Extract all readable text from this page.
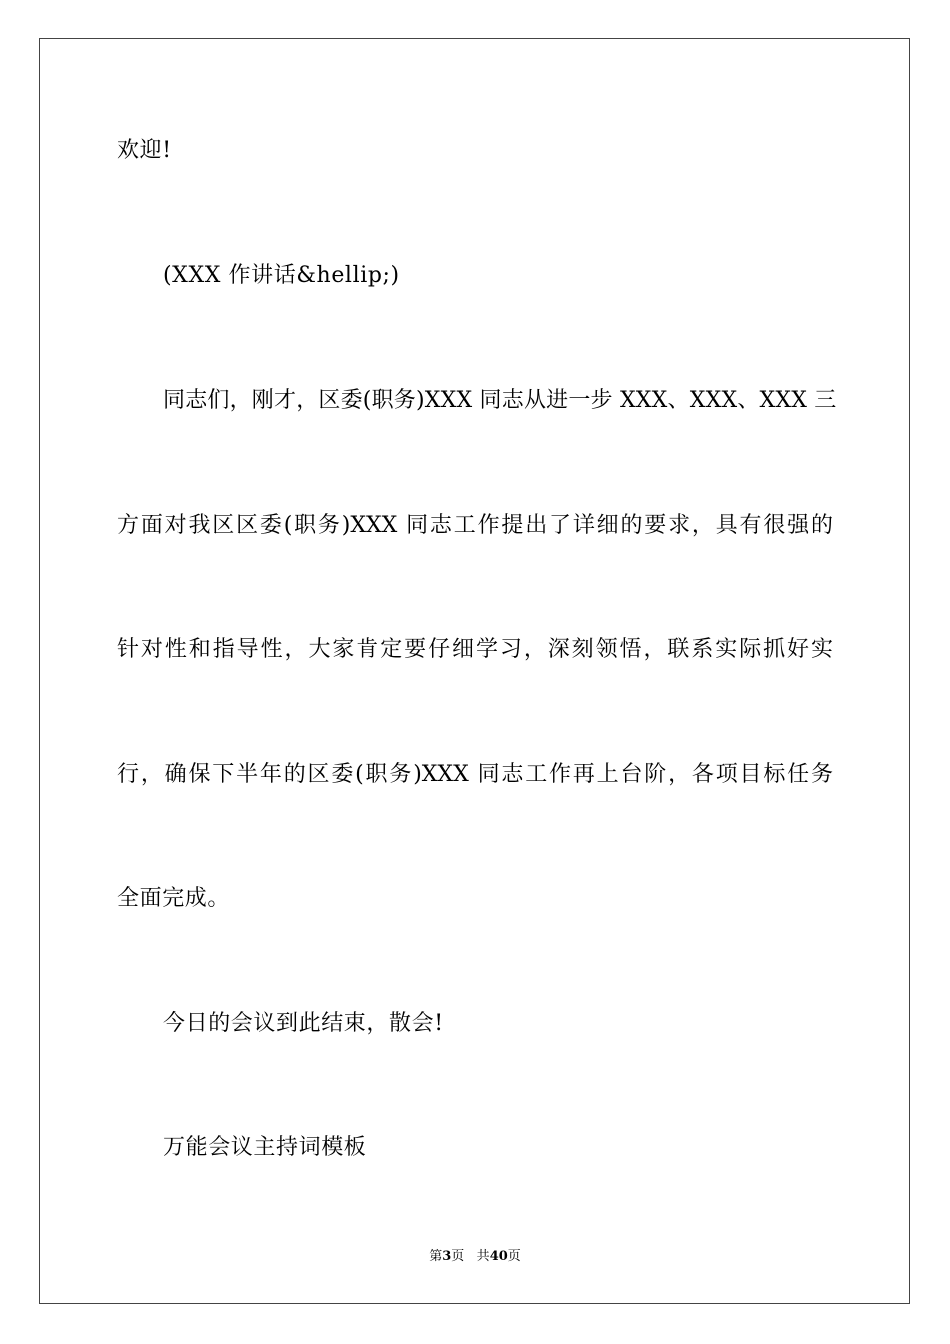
欢迎!
(XXX 作讲话&hellip;)
同志们，刚才，区委(职务)XXX 同志从进一步 XXX、XXX、XXX 三
方面对我区区委(职务)XXX 同志工作提出了详细的要求，具有很强的
针对性和指导性，大家肯定要仔细学习，深刻领悟，联系实际抓好实
行，确保下半年的区委(职务)XXX 同志工作再上台阶，各项目标任务
全面完成。
今日的会议到此结束，散会!
万能会议主持词模板
第3页 共40页
